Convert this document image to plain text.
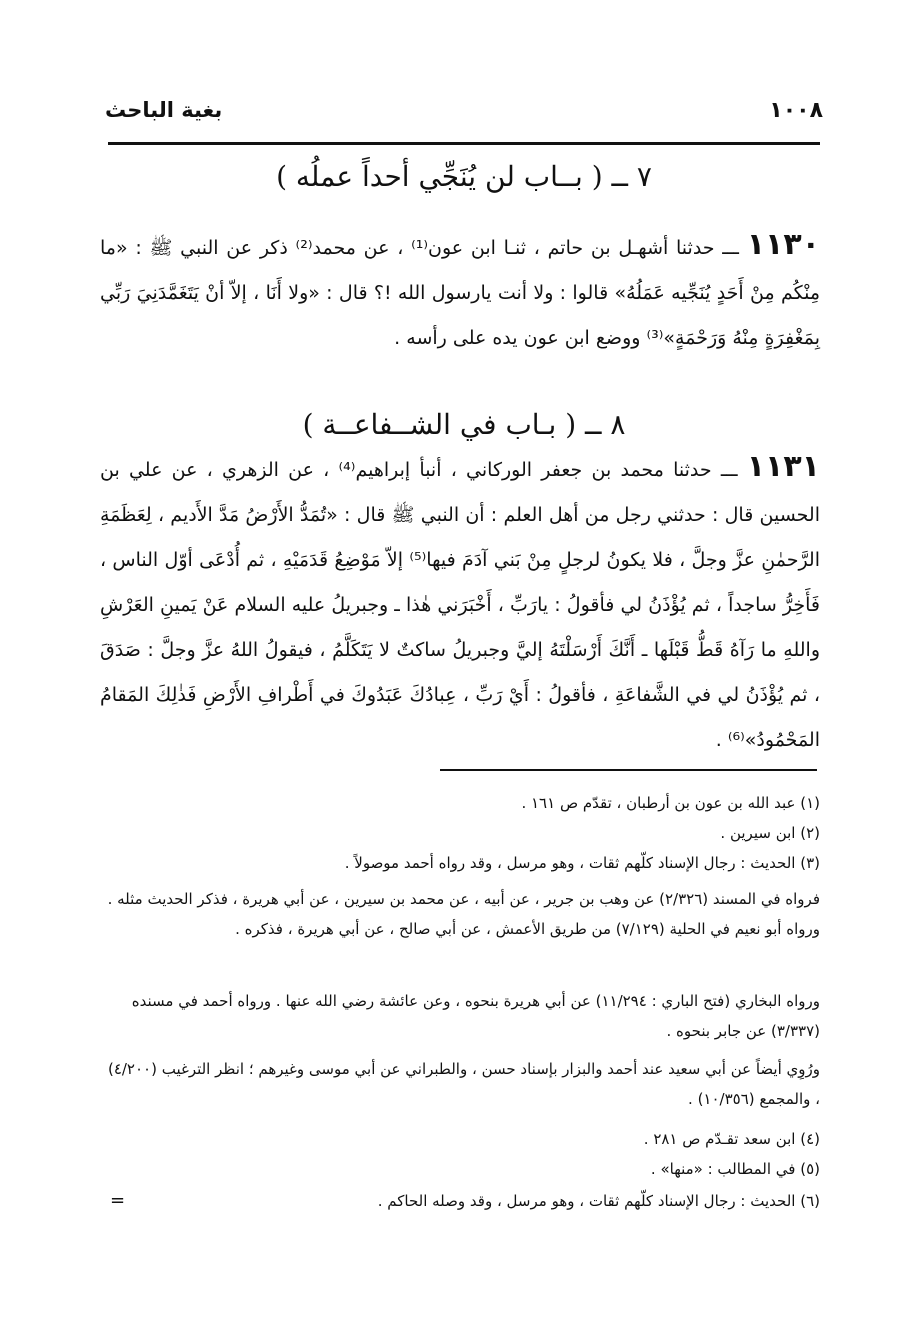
١٠٠٨
بغية الباحث
٧ ــ ( بــاب لن يُنَجِّي أحداً عملُه )
١١٣٠ ـــ حدثنا أشهـل بن حاتم ، ثنـا ابن عون⁽¹⁾ ، عن محمد⁽²⁾ ذكر عن النبي ﷺ : «ما مِنْكُم مِنْ أَحَدٍ يُنَجِّيه عَمَلُهُ» قالوا : ولا أنت يارسول الله !؟ قال : «ولا أَنَا ، إلاّ أنْ يَتَغَمَّدَنِيَ رَبِّي بِمَغْفِرَةٍ مِنْهُ وَرَحْمَةٍ»⁽³⁾ ووضع ابن عون يده على رأسه .
٨ ــ ( بـاب في الشــفاعــة )
١١٣١ ـــ حدثنا محمد بن جعفر الوركاني ، أنبأ إبراهيم⁽⁴⁾ ، عن الزهري ، عن علي بن الحسين قال : حدثني رجل من أهل العلم : أن النبي ﷺ قال : «تُمَدُّ الأَرْضُ مَدَّ الأَديم ، لِعَظَمَةِ الرَّحمٰنِ عزَّ وجلَّ ، فلا يكونُ لرجلٍ مِنْ بَني آدَمَ فيها⁽⁵⁾ إلاّ مَوْضِعُ قَدَمَيْهِ ، ثم أُدْعَى أوّل الناس ، فَأَخِرُّ ساجداً ، ثم يُؤْذَنُ لي فأقولُ : يارَبِّ ، أَخْبَرَني هٰذا ـ وجبريلُ عليه السلام عَنْ يَمينِ العَرْشِ واللهِ ما رَآهُ قَطُّ قَبْلَها ـ أَنَّكَ أَرْسَلْتَهُ إليَّ وجبريلُ ساكتٌ لا يَتَكَلَّمُ ، فيقولُ اللهُ عزَّ وجلَّ : صَدَقَ ، ثم يُؤْذَنُ لي في الشَّفاعَةِ ، فأقولُ : أَيْ رَبِّ ، عِبادُكَ عَبَدُوكَ في أَطْرافِ الأَرْضِ فَذٰلِكَ المَقامُ المَحْمُودُ»⁽⁶⁾ .
(١) عبد الله بن عون بن أرطبان ، تقدّم ص ١٦١ .
(٢) ابن سيرين .
(٣) الحديث : رجال الإسناد كلّهم ثقات ، وهو مرسل ، وقد رواه أحمد موصولاً .
فرواه في المسند (٢/٣٢٦) عن وهب بن جرير ، عن أبيه ، عن محمد بن سيرين ، عن أبي هريرة ، فذكر الحديث مثله . ورواه أبو نعيم في الحلية (٧/١٢٩) من طريق الأعمش ، عن أبي صالح ، عن أبي هريرة ، فذكره .
ورواه البخاري (فتح الباري : ١١/٢٩٤) عن أبي هريرة بنحوه ، وعن عائشة رضي الله عنها . ورواه أحمد في مسنده (٣/٣٣٧) عن جابر بنحوه .
ورُوِي أيضاً عن أبي سعيد عند أحمد والبزار بإسناد حسن ، والطبراني عن أبي موسى وغيرهم ؛ انظر الترغيب (٤/٢٠٠) ، والمجمع (١٠/٣٥٦) .
(٤) ابن سعد تقـدّم ص ٢٨١ .
(٥) في المطالب : «منها» .
(٦) الحديث : رجال الإسناد كلّهم ثقات ، وهو مرسل ، وقد وصله الحاكم .
=
